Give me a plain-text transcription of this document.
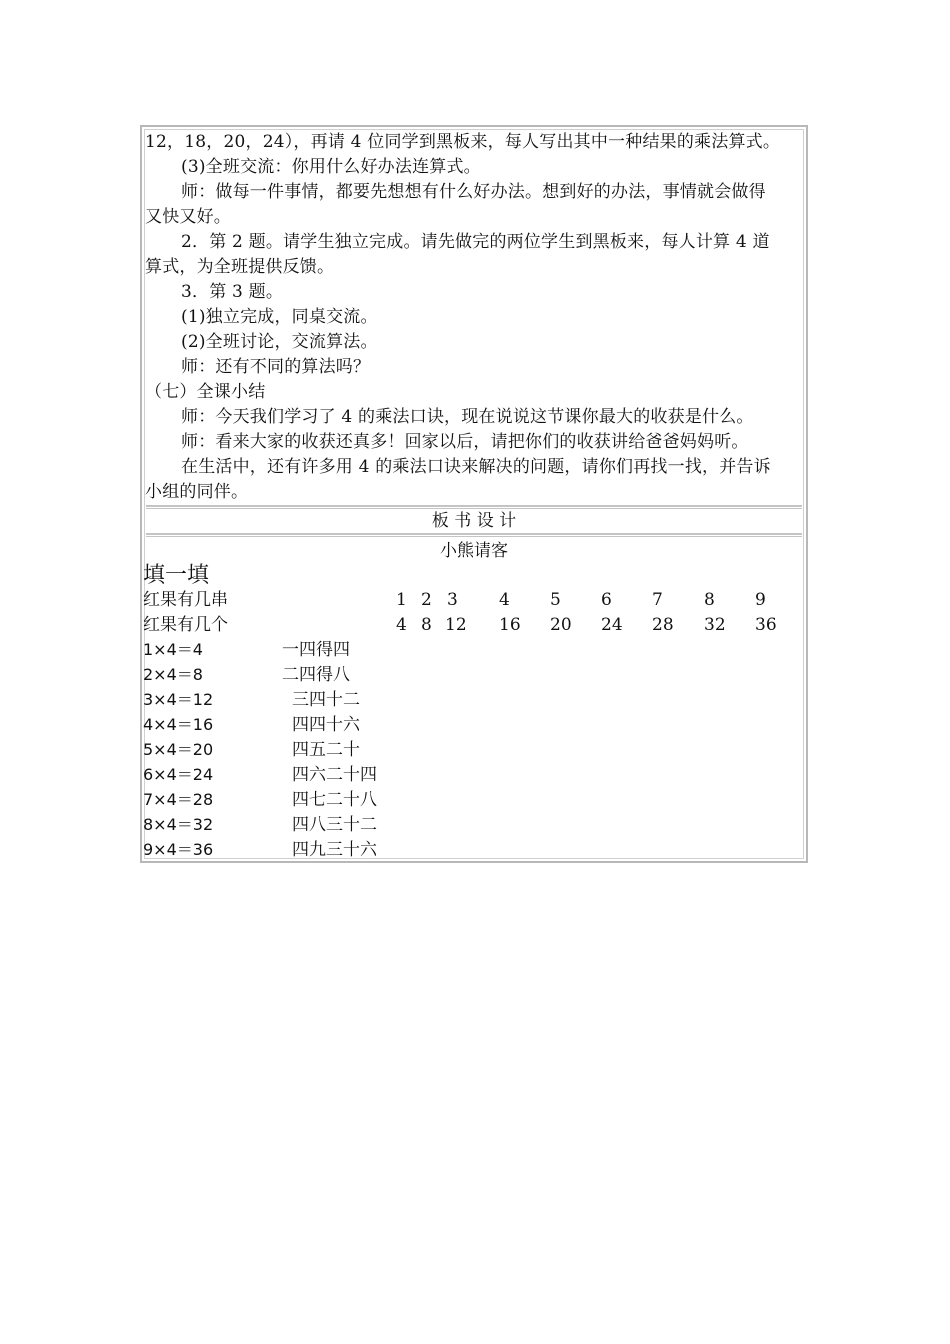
12，18，20，24），再请 4 位同学到黑板来，每人写出其中一种结果的乘法算式。
(3)全班交流：你用什么好办法连算式。
师：做每一件事情，都要先想想有什么好办法。想到好的办法，事情就会做得
又快又好。
2．第 2 题。请学生独立完成。请先做完的两位学生到黑板来，每人计算 4 道
算式，为全班提供反馈。
3．第 3 题。
(1)独立完成，同桌交流。
(2)全班讨论，交流算法。
师：还有不同的算法吗？
（七）全课小结
师：今天我们学习了 4 的乘法口诀，现在说说这节课你最大的收获是什么。
师：看来大家的收获还真多！回家以后，请把你们的收获讲给爸爸妈妈听。
在生活中，还有许多用 4 的乘法口诀来解决的问题，请你们再找一找，并告诉
小组的同伴。
板 书 设 计
小熊请客
填一填
红果有几串
红果有几个
1 2 3 4 5 6 7 8 9
4 8 12 16 20 24 28 32 36
1×4＝4
2×4＝8
3×4＝12
4×4＝16
5×4＝20
6×4＝24
7×4＝28
8×4＝32
9×4＝36
一四得四
二四得八
三四十二
四四十六
四五二十
四六二十四
四七二十八
四八三十二
四九三十六
